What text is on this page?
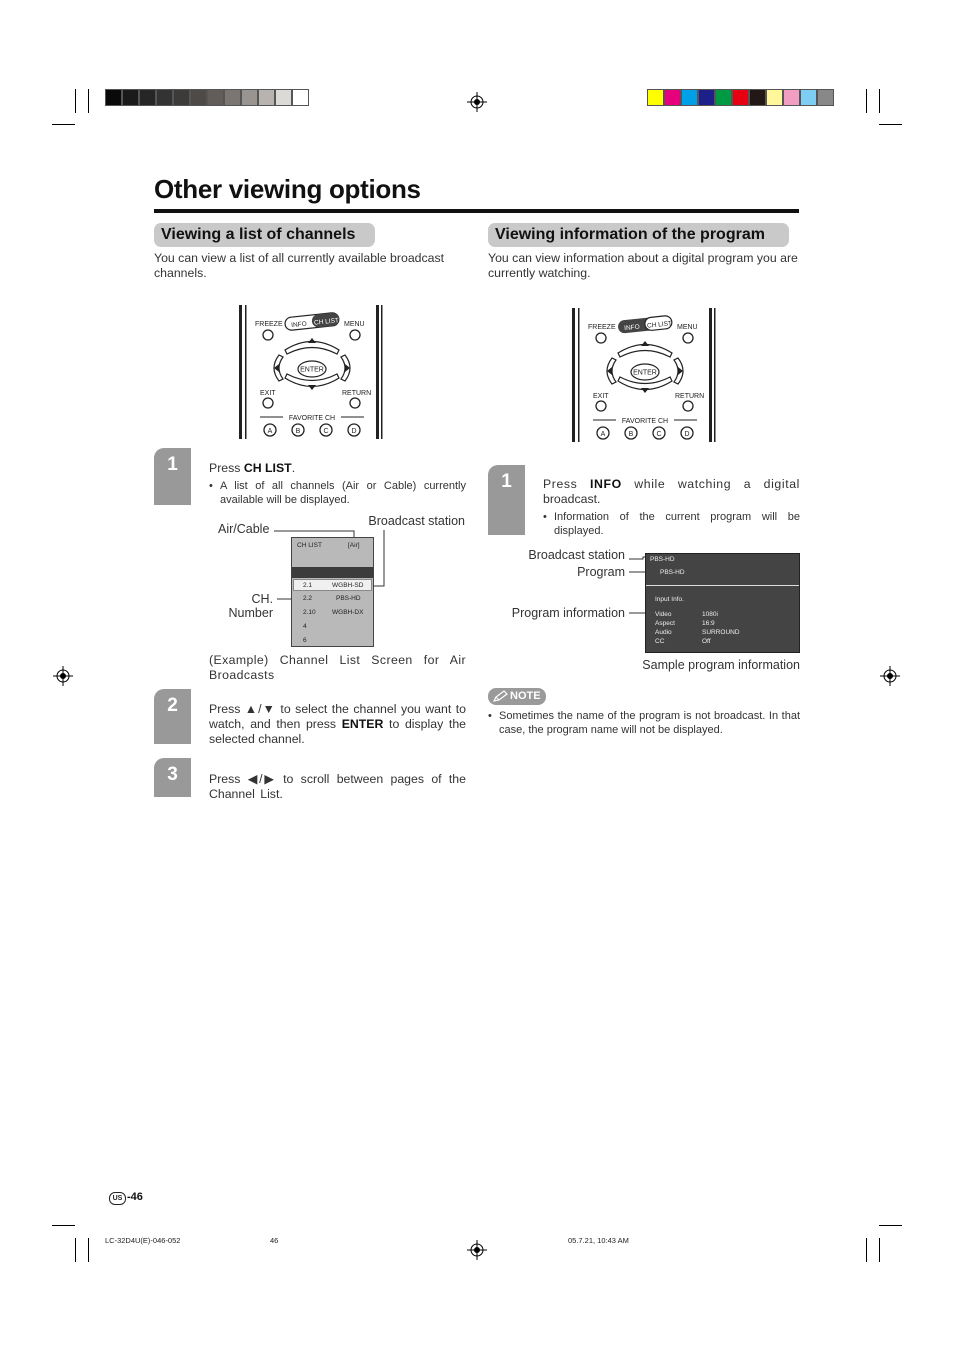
Other viewing options
Viewing a list of channels
You can view a list of all currently available broadcast channels.
FREEZE	MENU
INFO CH LIST
ENTER
EXIT	RETURN
FAVORITE CH
A	B	C	D
1	Press CH LIST.
• A list of all channels (Air or Cable) currently available will be displayed.
Air/Cable
Broadcast station
CH.
Number
CH LIST	[Air]
2.1	WGBH-SD
2.2	PBS-HD
2.10	WGBH-DX
4
6
(Example) Channel List Screen for Air Broadcasts
2	Press ▲/▼ to select the channel you want to watch, and then press ENTER to display the selected channel.
3	Press ◀/▶ to scroll between pages of the Channel List.
Viewing information of the program
You can view information about a digital program you are currently watching.
FREEZE	MENU
INFO CH LIST
ENTER
EXIT	RETURN
FAVORITE CH
A	B	C	D
1	Press INFO while watching a digital
broadcast.
• Information of the current program will be displayed.
Broadcast station
Program
Program information
PBS-HD
PBS-HD
Input Info.
Video	1080i
Aspect	16:9
Audio	SURROUND
CC	Off
Sample program information
NOTE
• Sometimes the name of the program is not broadcast. In that case, the program name will not be displayed.
US -46
LC-32D4U(E)-046-052	46	05.7.21, 10:43 AM
